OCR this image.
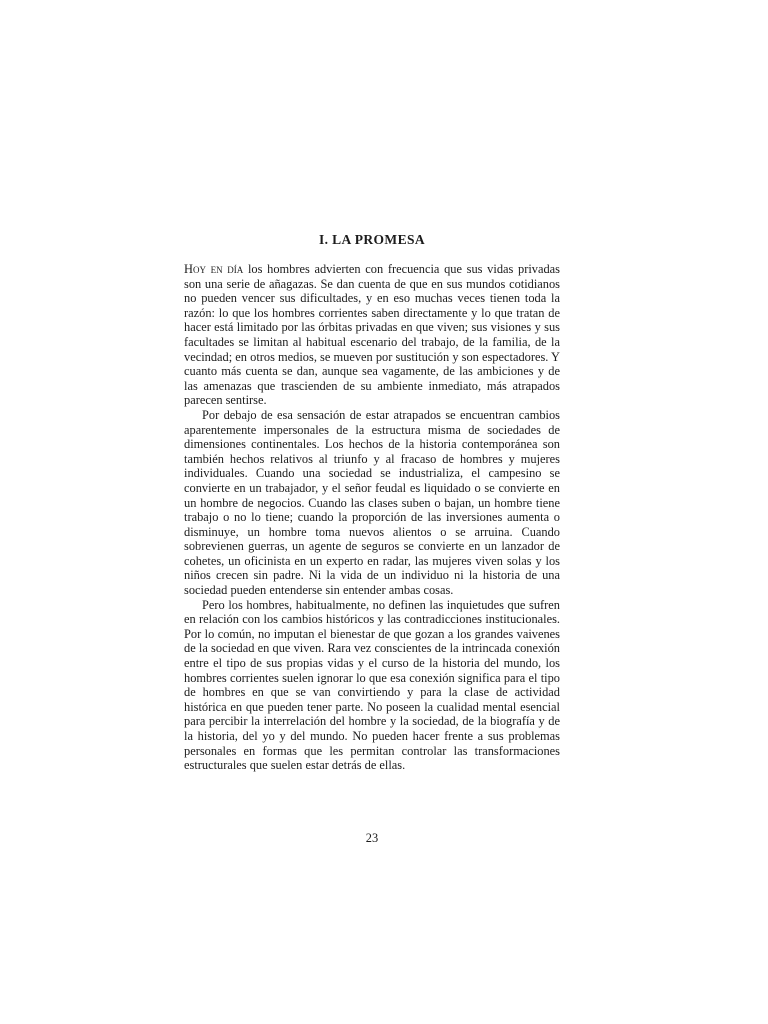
I. LA PROMESA

Hoy en día los hombres advierten con frecuencia que sus vidas privadas son una serie de añagazas. Se dan cuenta de que en sus mundos cotidianos no pueden vencer sus dificultades, y en eso muchas veces tienen toda la razón: lo que los hombres corrientes saben directamente y lo que tratan de hacer está limitado por las órbitas privadas en que viven; sus visiones y sus facultades se limitan al habitual escenario del trabajo, de la familia, de la vecindad; en otros medios, se mueven por sustitución y son espectadores. Y cuanto más cuenta se dan, aunque sea vagamente, de las ambiciones y de las amenazas que trascienden de su ambiente inmediato, más atrapados parecen sentirse.

Por debajo de esa sensación de estar atrapados se encuentran cambios aparentemente impersonales de la estructura misma de sociedades de dimensiones continentales. Los hechos de la historia contemporánea son también hechos relativos al triunfo y al fracaso de hombres y mujeres individuales. Cuando una sociedad se industrializa, el campesino se convierte en un trabajador, y el señor feudal es liquidado o se convierte en un hombre de negocios. Cuando las clases suben o bajan, un hombre tiene trabajo o no lo tiene; cuando la proporción de las inversiones aumenta o disminuye, un hombre toma nuevos alientos o se arruina. Cuando sobrevienen guerras, un agente de seguros se convierte en un lanzador de cohetes, un oficinista en un experto en radar, las mujeres viven solas y los niños crecen sin padre. Ni la vida de un individuo ni la historia de una sociedad pueden entenderse sin entender ambas cosas.

Pero los hombres, habitualmente, no definen las inquietudes que sufren en relación con los cambios históricos y las contradicciones institucionales. Por lo común, no imputan el bienestar de que gozan a los grandes vaivenes de la sociedad en que viven. Rara vez conscientes de la intrincada conexión entre el tipo de sus propias vidas y el curso de la historia del mundo, los hombres corrientes suelen ignorar lo que esa conexión significa para el tipo de hombres en que se van convirtiendo y para la clase de actividad histórica en que pueden tener parte. No poseen la cualidad mental esencial para percibir la interrelación del hombre y la sociedad, de la biografía y de la historia, del yo y del mundo. No pueden hacer frente a sus problemas personales en formas que les permitan controlar las transformaciones estructurales que suelen estar detrás de ellas.

23
